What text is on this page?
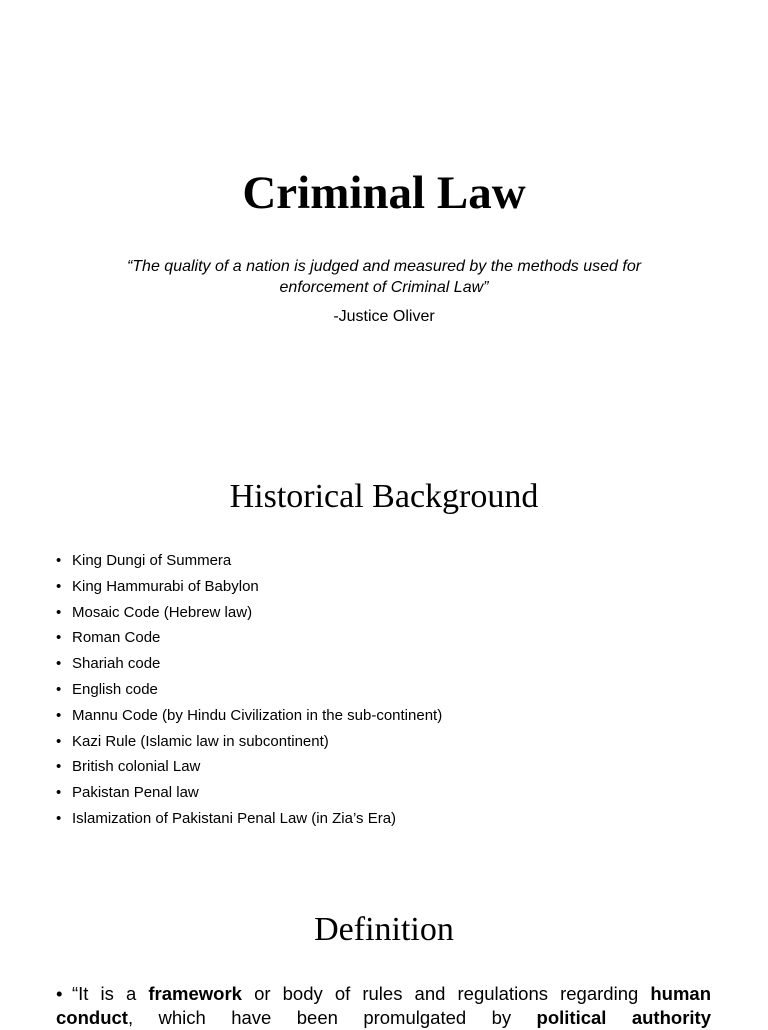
Criminal Law
“The quality of a nation is judged and measured by the methods used for enforcement of Criminal Law”
-Justice Oliver
Historical Background
• King Dungi of Summera
• King Hammurabi of Babylon
• Mosaic Code (Hebrew law)
• Roman Code
• Shariah code
• English code
• Mannu Code (by Hindu Civilization in the sub-continent)
• Kazi Rule (Islamic law in subcontinent)
• British colonial Law
• Pakistan Penal law
• Islamization of Pakistani Penal Law (in Zia’s Era)
Definition

• “It is a framework or body of rules and regulations regarding human conduct, which have been promulgated by political authority
